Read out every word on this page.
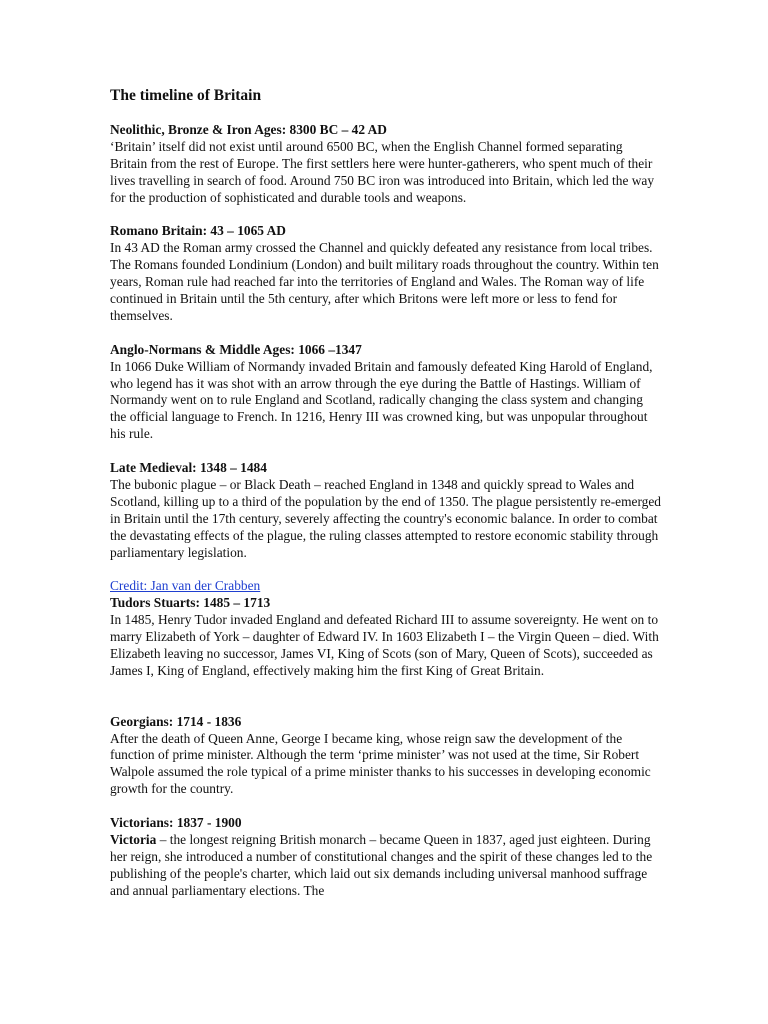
The timeline of Britain
Neolithic, Bronze & Iron Ages: 8300 BC – 42 AD
‘Britain’ itself did not exist until around 6500 BC, when the English Channel formed separating Britain from the rest of Europe. The first settlers here were hunter-gatherers, who spent much of their lives travelling in search of food. Around 750 BC iron was introduced into Britain, which led the way for the production of sophisticated and durable tools and weapons.
Romano Britain: 43 – 1065 AD
In 43 AD the Roman army crossed the Channel and quickly defeated any resistance from local tribes. The Romans founded Londinium (London) and built military roads throughout the country. Within ten years, Roman rule had reached far into the territories of England and Wales. The Roman way of life continued in Britain until the 5th century, after which Britons were left more or less to fend for themselves.
Anglo-Normans & Middle Ages: 1066 –1347
In 1066 Duke William of Normandy invaded Britain and famously defeated King Harold of England, who legend has it was shot with an arrow through the eye during the Battle of Hastings. William of Normandy went on to rule England and Scotland, radically changing the class system and changing the official language to French. In 1216, Henry III was crowned king, but was unpopular throughout his rule.
Late Medieval: 1348 – 1484
The bubonic plague – or Black Death – reached England in 1348 and quickly spread to Wales and Scotland, killing up to a third of the population by the end of 1350. The plague persistently re-emerged in Britain until the 17th century, severely affecting the country's economic balance. In order to combat the devastating effects of the plague, the ruling classes attempted to restore economic stability through parliamentary legislation.
Credit: Jan van der Crabben
Tudors Stuarts: 1485 – 1713
In 1485, Henry Tudor invaded England and defeated Richard III to assume sovereignty. He went on to marry Elizabeth of York – daughter of Edward IV. In 1603 Elizabeth I – the Virgin Queen – died. With Elizabeth leaving no successor, James VI, King of Scots (son of Mary, Queen of Scots), succeeded as James I, King of England, effectively making him the first King of Great Britain.
Georgians: 1714 - 1836
After the death of Queen Anne, George I became king, whose reign saw the development of the function of prime minister. Although the term ‘prime minister’ was not used at the time, Sir Robert Walpole assumed the role typical of a prime minister thanks to his successes in developing economic growth for the country.
Victorians: 1837 - 1900
Victoria – the longest reigning British monarch – became Queen in 1837, aged just eighteen. During her reign, she introduced a number of constitutional changes and the spirit of these changes led to the publishing of the people's charter, which laid out six demands including universal manhood suffrage and annual parliamentary elections. The
